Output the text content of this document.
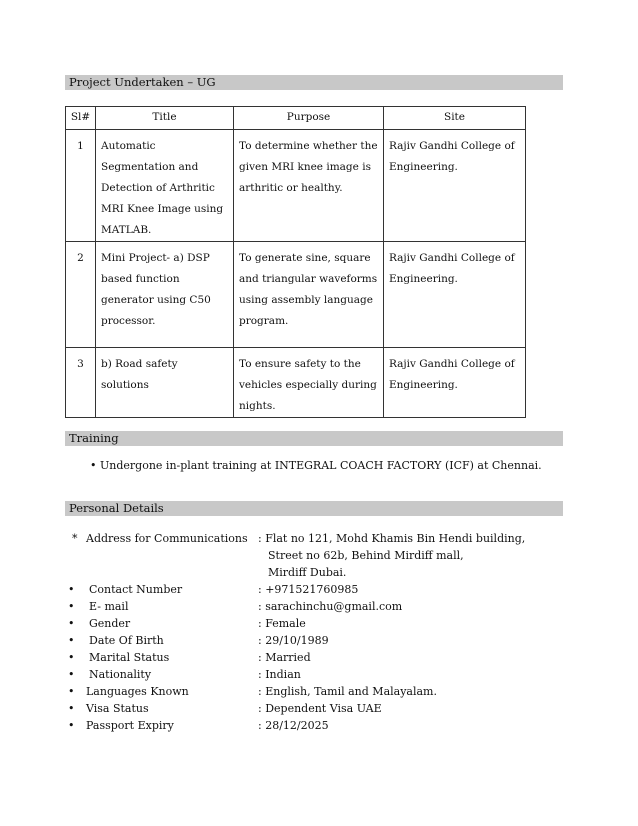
Project Undertaken – UG
Sl#	Title	Purpose	Site
1	Automatic Segmentation and Detection of Arthritic MRI Knee Image using MATLAB.	To determine whether the given MRI knee image is arthritic or healthy.	Rajiv Gandhi College of Engineering.
2	Mini Project- a) DSP based function generator using C50 processor.	To generate sine, square and triangular waveforms using assembly language program.	Rajiv Gandhi College of Engineering.
3	b) Road safety solutions	To ensure safety to the vehicles especially during nights.	Rajiv Gandhi College of Engineering.
Training
• Undergone in-plant training at INTEGRAL COACH FACTORY (ICF) at Chennai.
Personal Details
* Address for Communications : Flat no 121, Mohd Khamis Bin Hendi building,
Street no 62b, Behind Mirdiff mall,
Mirdiff Dubai.
•	Contact Number	: +971521760985
•	E- mail	: sarachinchu@gmail.com
•	Gender	: Female
•	Date Of Birth	: 29/10/1989
•	Marital Status	: Married
•	Nationality	: Indian
•	Languages Known	: English, Tamil and Malayalam.
•	Visa Status	: Dependent Visa UAE
•	Passport Expiry	: 28/12/2025
